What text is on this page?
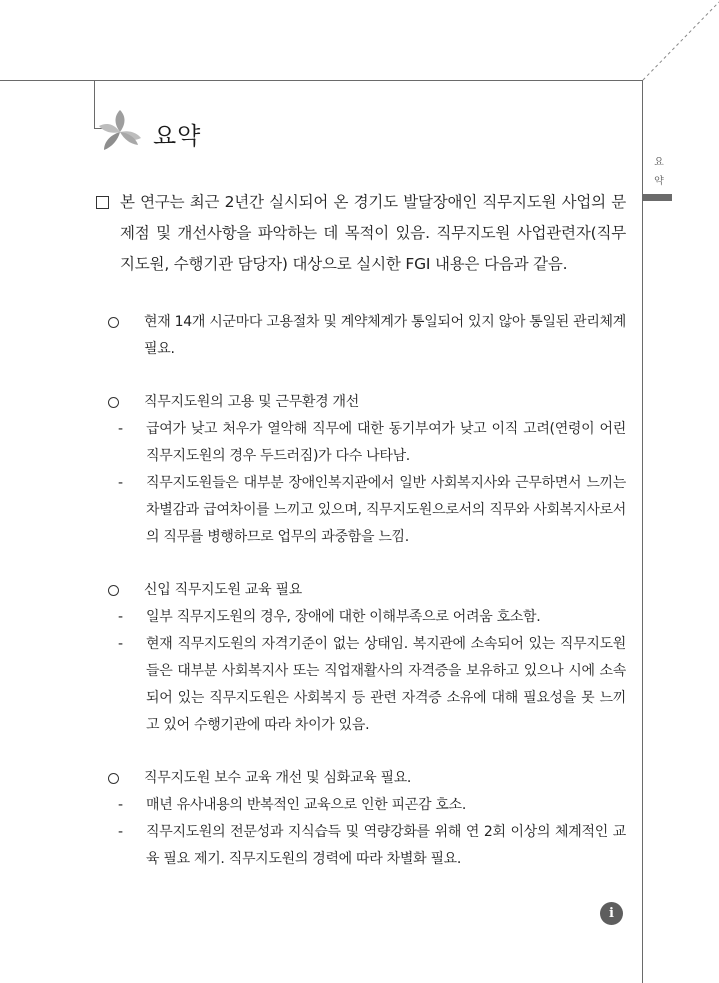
요약
요
약
본 연구는 최근 2년간 실시되어 온 경기도 발달장애인 직무지도원 사업의 문제점 및 개선사항을 파악하는 데 목적이 있음. 직무지도원 사업관련자(직무지도원, 수행기관 담당자) 대상으로 실시한 FGI 내용은 다음과 같음.
현재 14개 시군마다 고용절차 및 계약체계가 통일되어 있지 않아 통일된 관리체계 필요.
직무지도원의 고용 및 근무환경 개선
- 급여가 낮고 처우가 열악해 직무에 대한 동기부여가 낮고 이직 고려(연령이 어린 직무지도원의 경우 두드러짐)가 다수 나타남.
- 직무지도원들은 대부분 장애인복지관에서 일반 사회복지사와 근무하면서 느끼는 차별감과 급여차이를 느끼고 있으며, 직무지도원으로서의 직무와 사회복지사로서의 직무를 병행하므로 업무의 과중함을 느낌.
신입 직무지도원 교육 필요
- 일부 직무지도원의 경우, 장애에 대한 이해부족으로 어려움 호소함.
- 현재 직무지도원의 자격기준이 없는 상태임. 복지관에 소속되어 있는 직무지도원들은 대부분 사회복지사 또는 직업재활사의 자격증을 보유하고 있으나 시에 소속되어 있는 직무지도원은 사회복지 등 관련 자격증 소유에 대해 필요성을 못 느끼고 있어 수행기관에 따라 차이가 있음.
직무지도원 보수 교육 개선 및 심화교육 필요.
- 매년 유사내용의 반복적인 교육으로 인한 피곤감 호소.
- 직무지도원의 전문성과 지식습득 및 역량강화를 위해 연 2회 이상의 체계적인 교육 필요 제기. 직무지도원의 경력에 따라 차별화 필요.
i
